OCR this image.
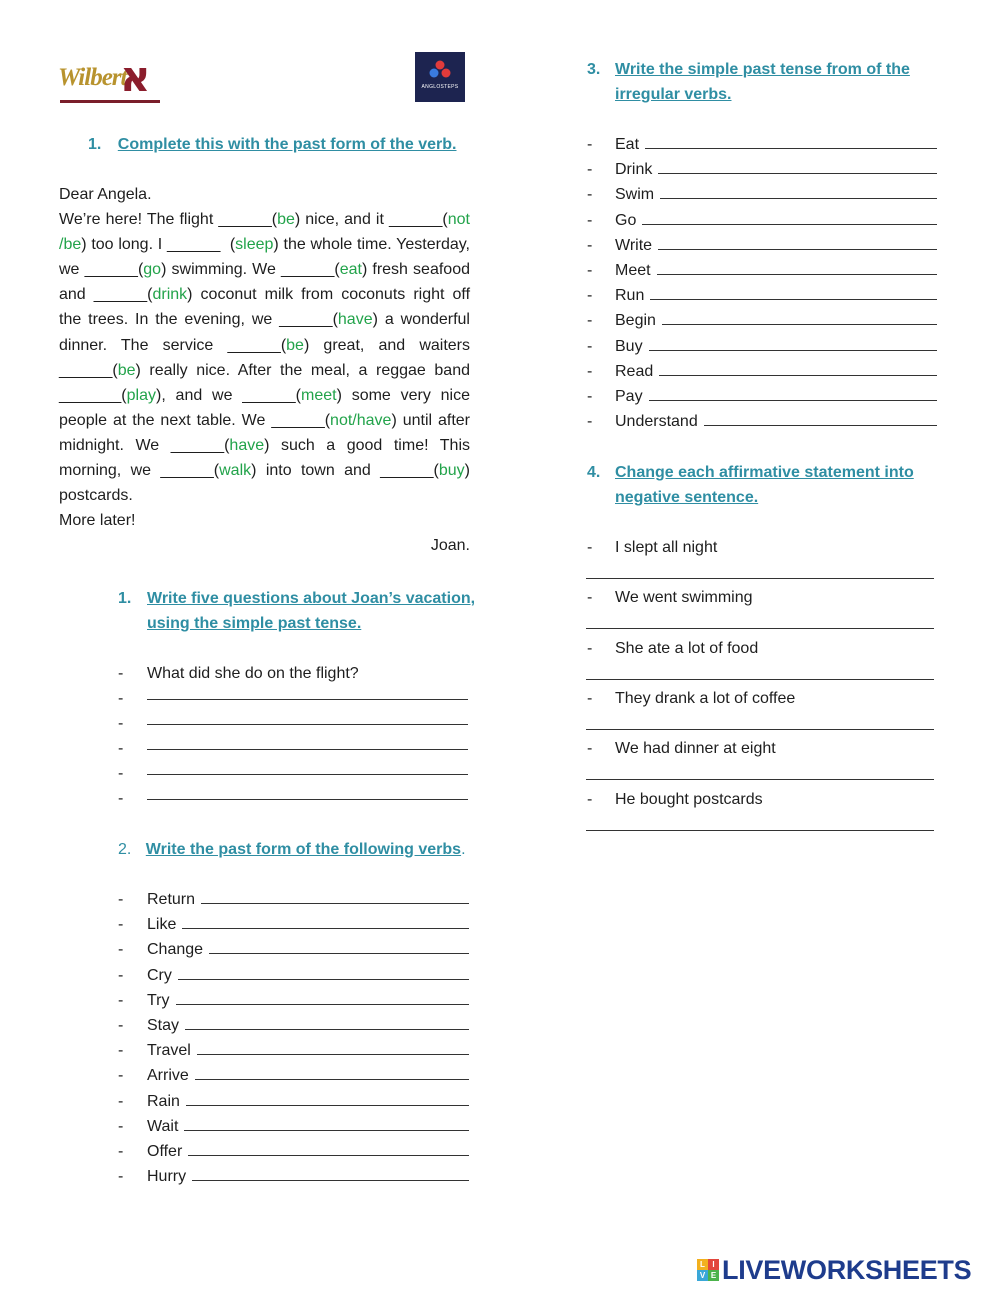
Wilbert
א	ANGLOSTEPS
1. Complete this with the past form of the verb.

Dear Angela.

We’re here! The flight ______(be) nice, and it ______(not /be) too long. I ______  (sleep) the whole time. Yesterday, we ______(go) swimming. We ______(eat) fresh seafood and ______(drink) coconut milk from coconuts right off the trees. In the evening, we ______(have) a wonderful dinner. The service ______(be) great, and waiters ______(be) really nice. After the meal, a reggae band _______(play), and we ______(meet) some very nice people at the next table. We ______(not/have) until after midnight. We ______(have) such a good time! This morning, we ______(walk) into town and ______(buy) postcards.

More later!

Joan.

1. Write five questions about Joan’s vacation,
using the simple past tense.
- What did she do on the flight?
-
-
-
-
-
2. Write the past form of the following verbs.
- Return
- Like
- Change
- Cry
- Try
- Stay
- Travel
- Arrive
- Rain
- Wait
- Offer
- Hurry
3. Write the simple past tense from of the
irregular verbs.
- Eat
- Drink
- Swim
- Go
- Write
- Meet
- Run
- Begin
- Buy
- Read
- Pay
- Understand
4. Change each affirmative statement into
negative sentence.
- I slept all night
- We went swimming
- She ate a lot of food
- They drank a lot of coffee
- We had dinner at eight
- He bought postcards
L I
V E LIVEWORKSHEETS
